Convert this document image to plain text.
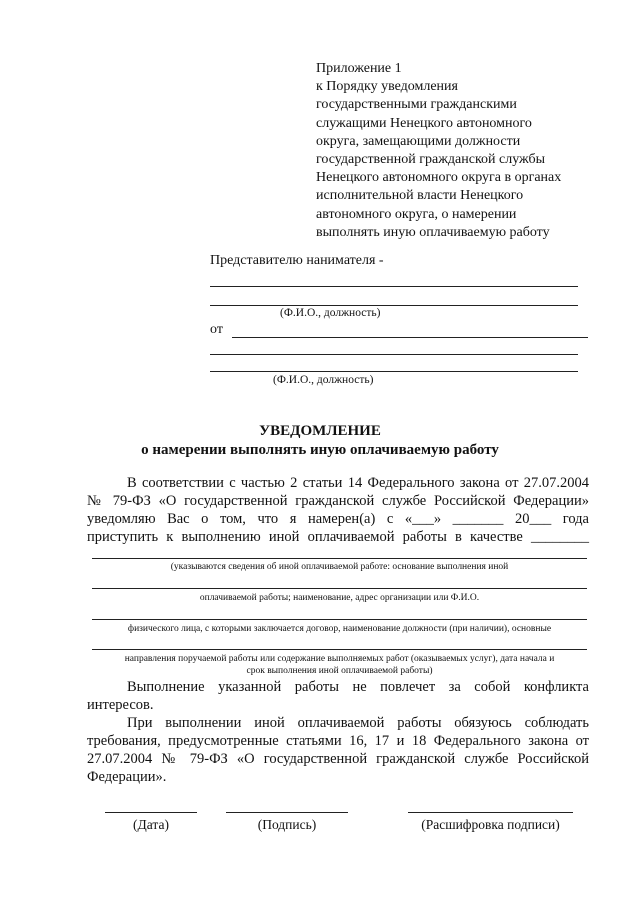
Приложение 1
к Порядку уведомления
государственными гражданскими
служащими Ненецкого автономного
округа, замещающими должности
государственной гражданской службы
Ненецкого автономного округа в органах
исполнительной власти Ненецкого
автономного округа, о намерении
выполнять иную оплачиваемую работу
Представителю нанимателя -
(Ф.И.О., должность)
от
(Ф.И.О., должность)
УВЕДОМЛЕНИЕ
о намерении выполнять иную оплачиваемую работу
В соответствии с частью 2 статьи 14 Федерального закона от 27.07.2004
№ 79-ФЗ «О государственной гражданской службе Российской Федерации»
уведомляю Вас о том, что я намерен(а) с «___» _______ 20___ года
приступить к выполнению иной оплачиваемой работы в качестве ________
(указываются сведения об иной оплачиваемой работе: основание выполнения иной
оплачиваемой работы; наименование, адрес организации или Ф.И.О.
физического лица, с которыми заключается договор, наименование должности (при наличии), основные
направления поручаемой работы или содержание выполняемых работ (оказываемых услуг), дата начала и
срок выполнения иной оплачиваемой работы)
Выполнение указанной работы не повлечет за собой конфликта
интересов.
При выполнении иной оплачиваемой работы обязуюсь соблюдать
требования, предусмотренные статьями 16, 17 и 18 Федерального закона от
27.07.2004 № 79-ФЗ «О государственной гражданской службе Российской
Федерации».
(Дата)	(Подпись)	(Расшифровка подписи)
